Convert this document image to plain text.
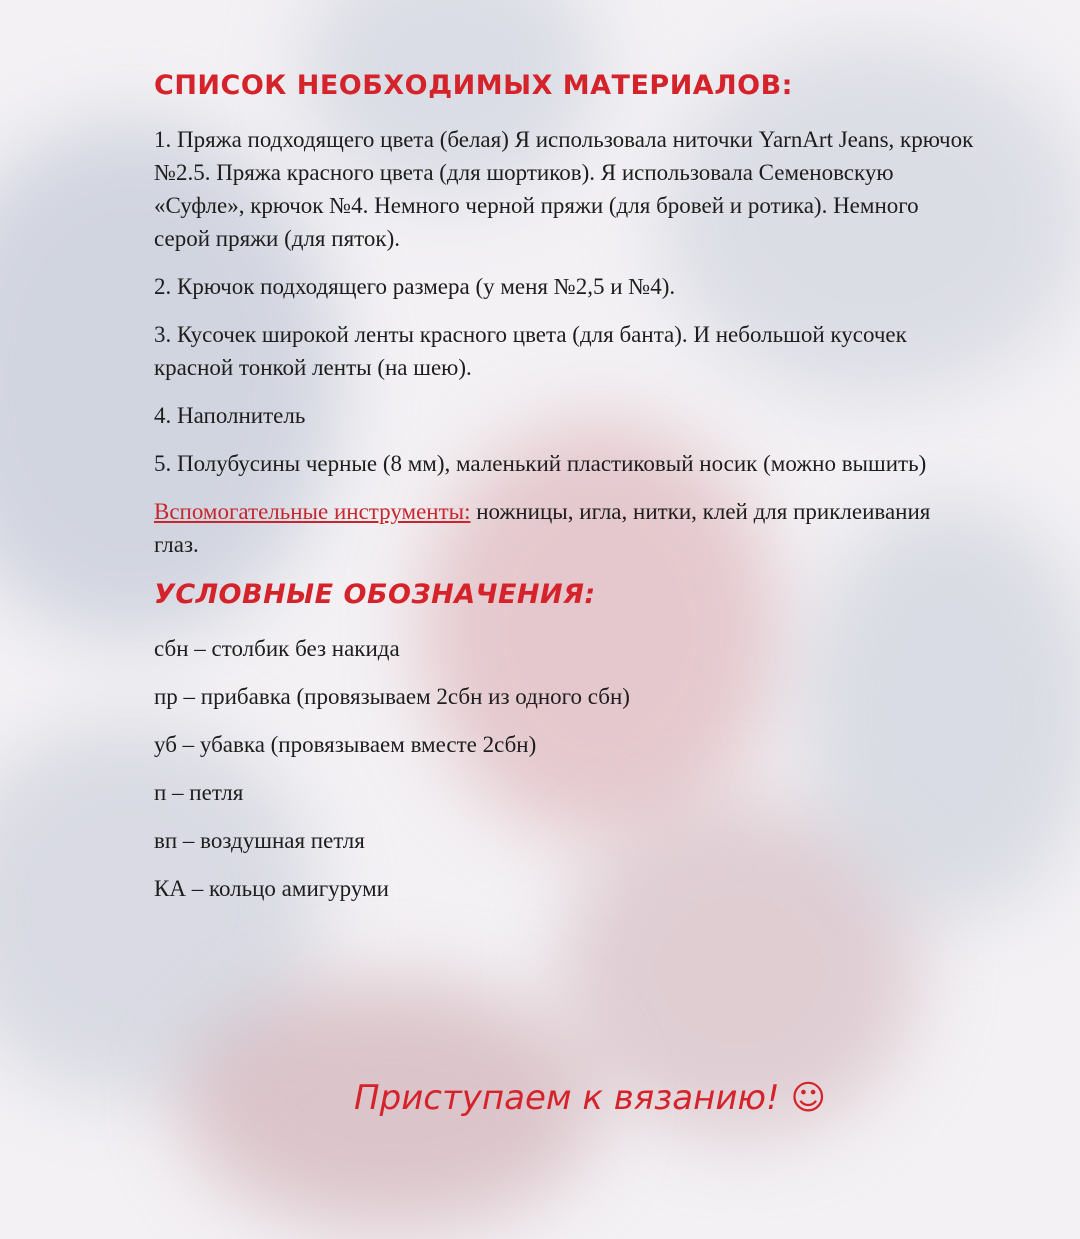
СПИСОК НЕОБХОДИМЫХ МАТЕРИАЛОВ:

1. Пряжа подходящего цвета (белая) Я использовала ниточки YarnArt Jeans, крючок №2.5. Пряжа красного цвета (для шортиков). Я использовала Семеновскую «Суфле», крючок №4. Немного черной пряжи (для бровей и ротика). Немного серой пряжи (для пяток).

2. Крючок подходящего размера (у меня №2,5 и №4).

3. Кусочек широкой ленты красного цвета (для банта). И небольшой кусочек красной тонкой ленты (на шею).

4. Наполнитель

5. Полубусины черные (8 мм), маленький пластиковый носик (можно вышить)

Вспомогательные инструменты: ножницы, игла, нитки, клей для приклеивания глаз.

УСЛОВНЫЕ ОБОЗНАЧЕНИЯ:

сбн – столбик без накида

пр – прибавка (провязываем 2сбн из одного сбн)

уб – убавка (провязываем вместе 2сбн)

п – петля

вп – воздушная петля

КА – кольцо амигуруми

Приступаем к вязанию! ☺
